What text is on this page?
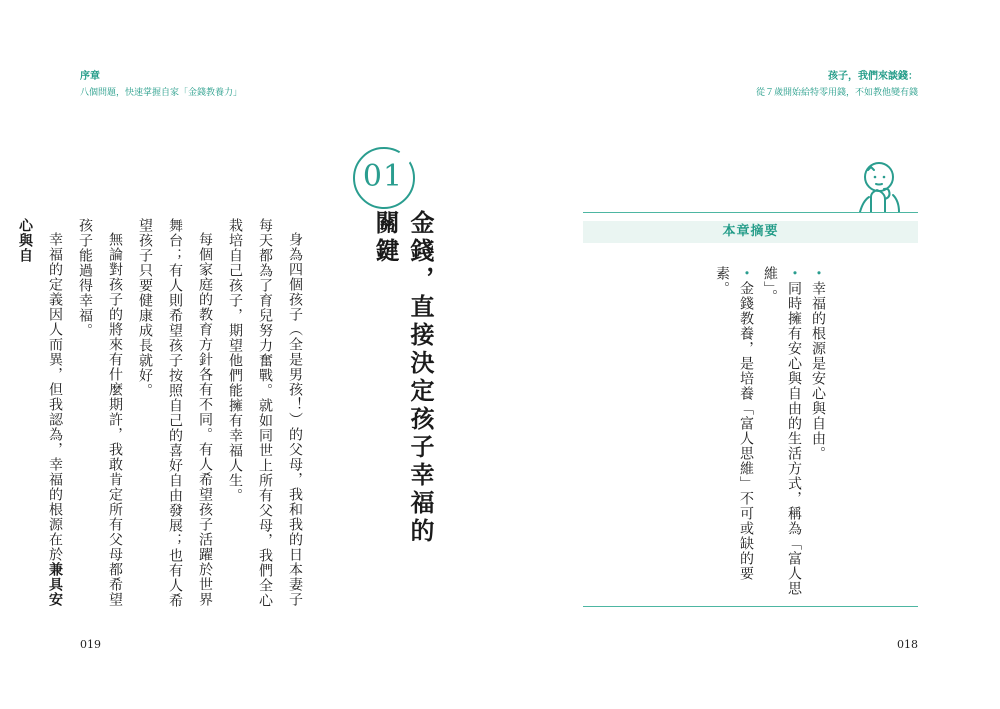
序章
八個問題，快速掌握自家「金錢教養力」
孩子，我們來談錢：
從７歲開始給特零用錢，不如教他變有錢
01
金錢，直接決定孩子幸福的關鍵

身為四個孩子（全是男孩！）的父母，我和我的日本妻子每天都為了育兒努力奮戰。就如同世上所有父母，我們全心栽培自己孩子，期望他們能擁有幸福人生。

每個家庭的教育方針各有不同。有人希望孩子活躍於世界舞台；有人則希望孩子按照自己的喜好自由發展；也有人希望孩子只要健康成長就好。

無論對孩子的將來有什麼期許，我敢肯定所有父母都希望孩子能過得幸福。

幸福的定義因人而異，但我認為，幸福的根源在於兼具安心與自

019	018
本章摘要
・幸福的根源是安心與自由。
・同時擁有安心與自由的生活方式，稱為「富人思維」。
・金錢教養，是培養「富人思維」不可或缺的要素。
